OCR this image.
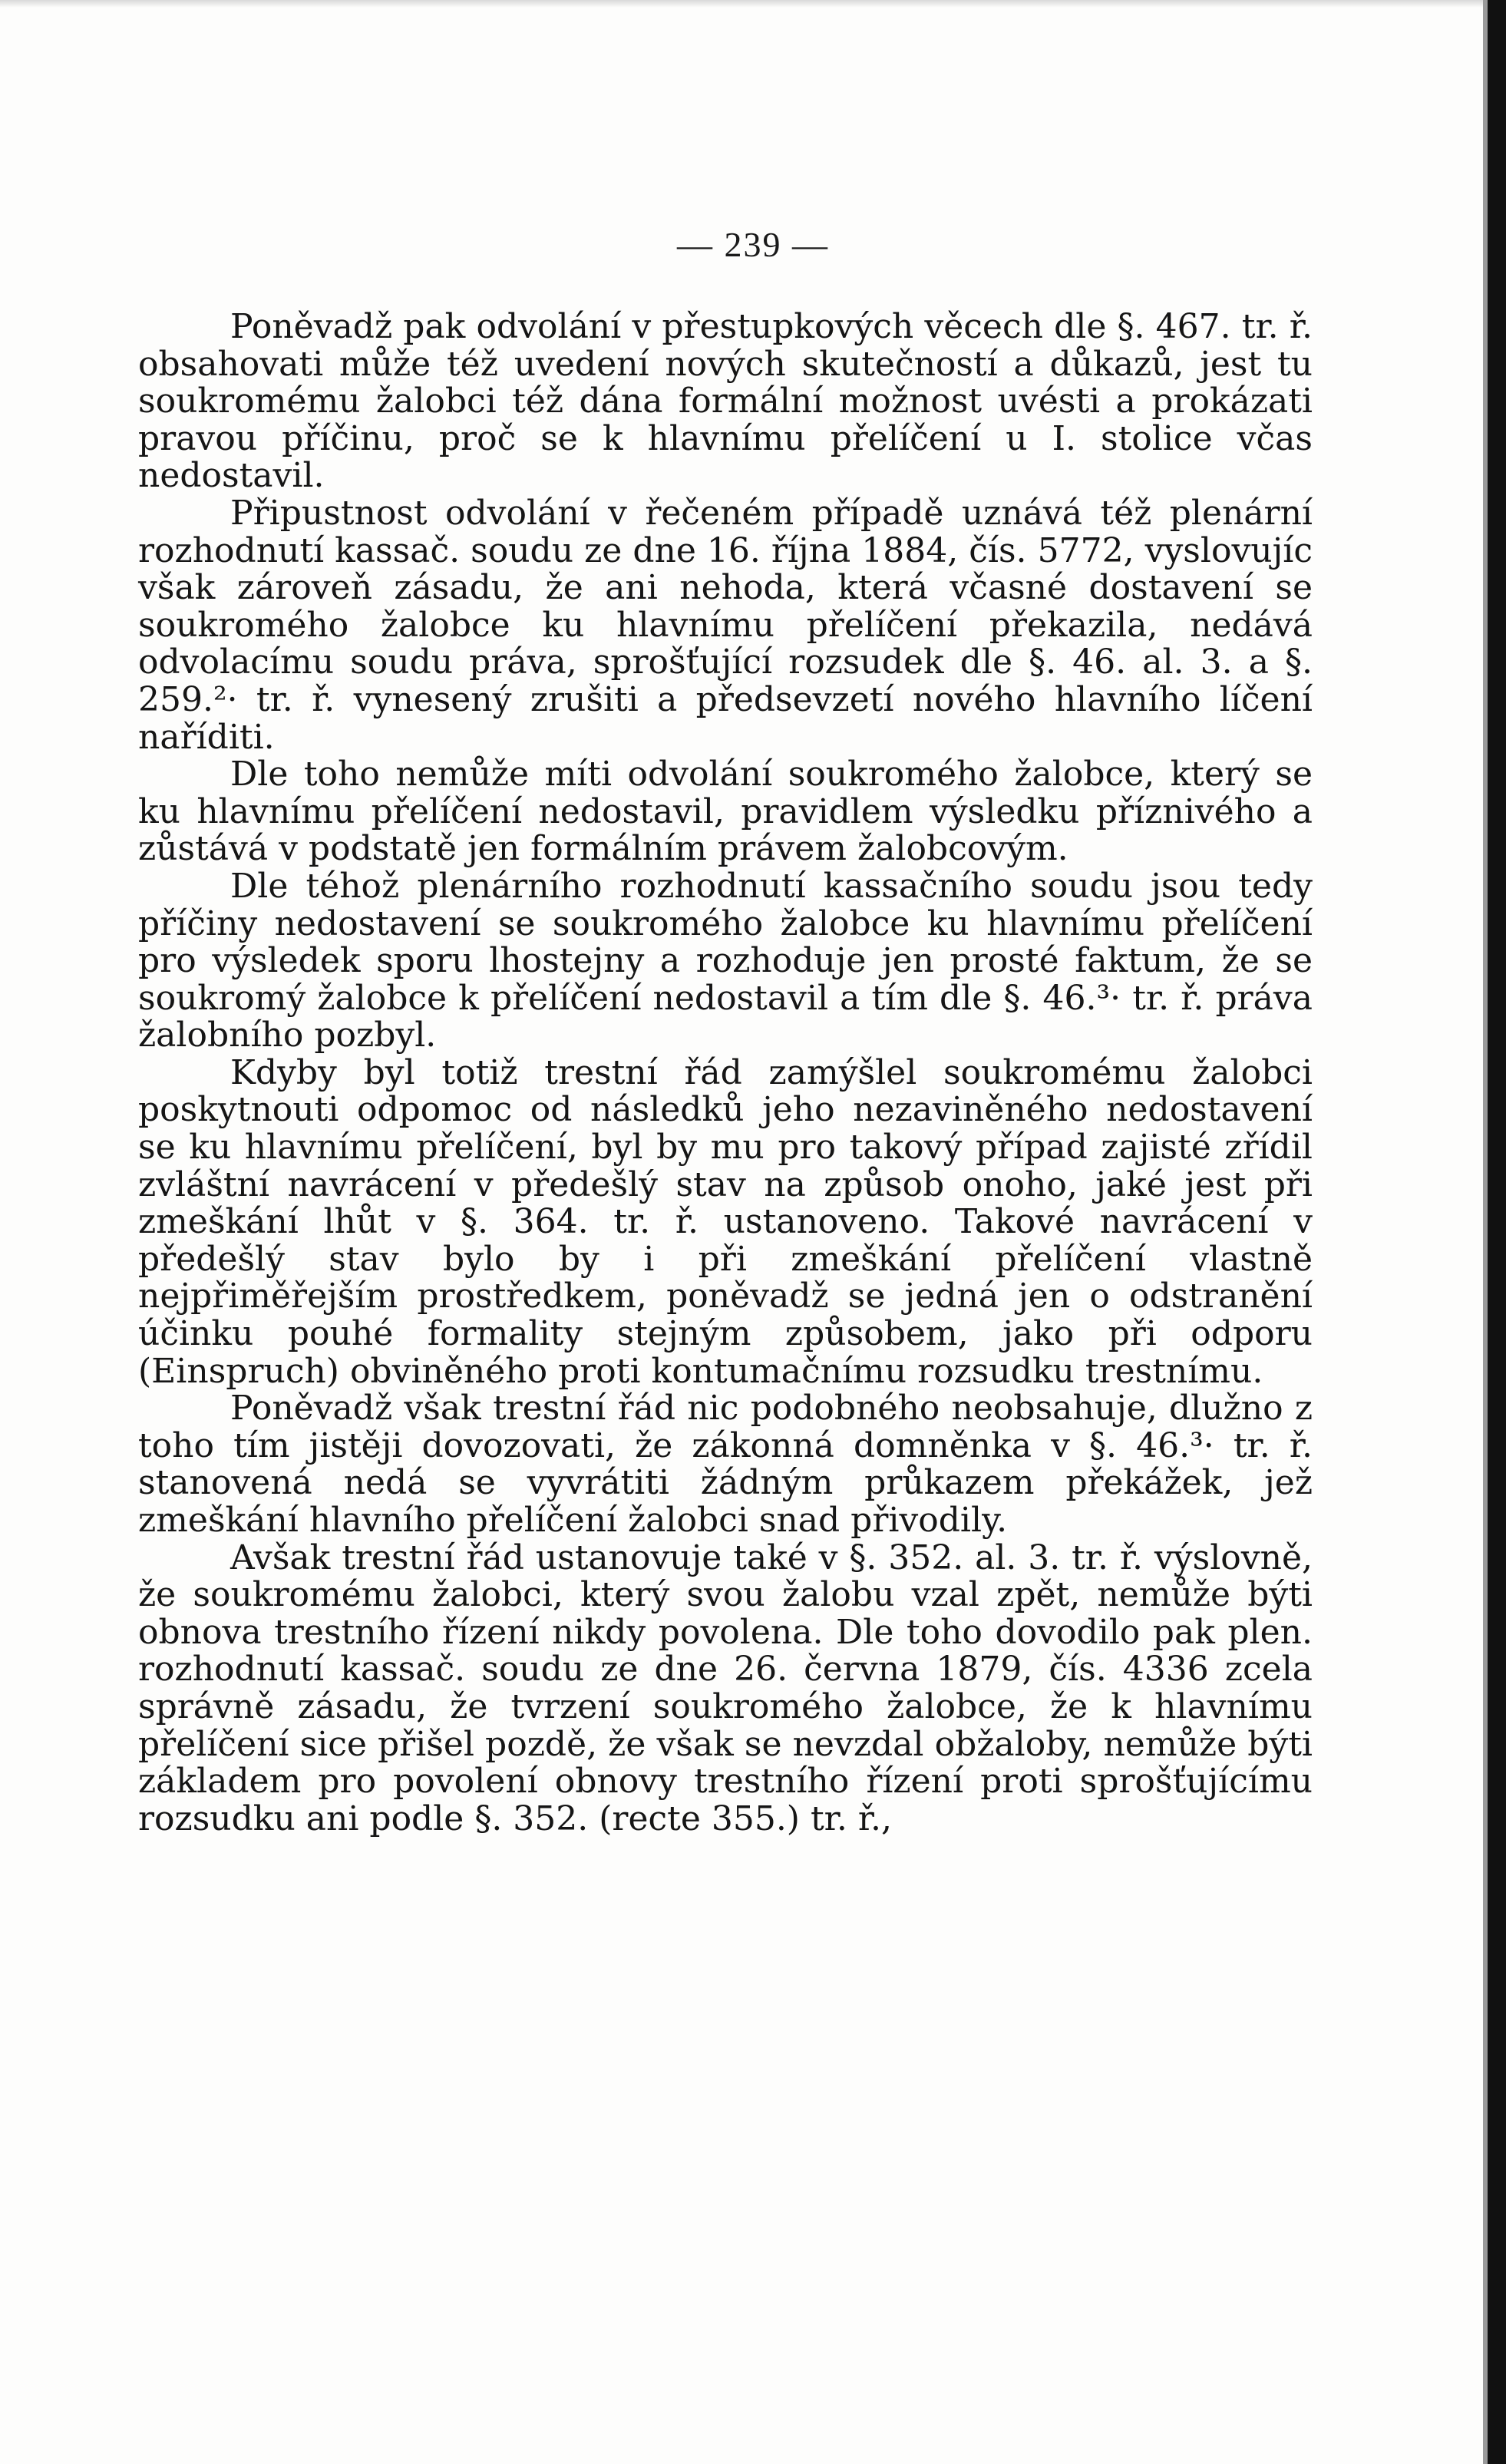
— 239 —

Poněvadž pak odvolání v přestupkových věcech dle §. 467. tr. ř. obsahovati může též uvedení nových skutečností a důkazů, jest tu soukromému žalobci též dána formální možnost uvésti a prokázati pravou příčinu, proč se k hlavnímu přelíčení u I. stolice včas nedostavil.

Připustnost odvolání v řečeném případě uznává též plenární rozhodnutí kassač. soudu ze dne 16. října 1884, čís. 5772, vyslovujíc však zároveň zásadu, že ani nehoda, která včasné dostavení se soukromého žalobce ku hlavnímu přelíčení překazila, nedává odvolacímu soudu práva, sprošťující rozsudek dle §. 46. al. 3. a §. 259.²· tr. ř. vynesený zrušiti a předsevzetí nového hlavního líčení naříditi.

Dle toho nemůže míti odvolání soukromého žalobce, který se ku hlavnímu přelíčení nedostavil, pravidlem výsledku příznivého a zůstává v podstatě jen formálním právem žalobcovým.

Dle téhož plenárního rozhodnutí kassačního soudu jsou tedy příčiny nedostavení se soukromého žalobce ku hlavnímu přelíčení pro výsledek sporu lhostejny a rozhoduje jen prosté faktum, že se soukromý žalobce k přelíčení nedostavil a tím dle §. 46.³· tr. ř. práva žalobního pozbyl.

Kdyby byl totiž trestní řád zamýšlel soukromému žalobci poskytnouti odpomoc od následků jeho nezaviněného nedostavení se ku hlavnímu přelíčení, byl by mu pro takový případ zajisté zřídil zvláštní navrácení v předešlý stav na způsob onoho, jaké jest při zmeškání lhůt v §. 364. tr. ř. ustanoveno. Takové navrácení v předešlý stav bylo by i při zmeškání přelíčení vlastně nejpřiměřejším prostředkem, poněvadž se jedná jen o odstranění účinku pouhé formality stejným způsobem, jako při odporu (Einspruch) obviněného proti kontumačnímu rozsudku trestnímu.

Poněvadž však trestní řád nic podobného neobsahuje, dlužno z toho tím jistěji dovozovati, že zákonná domněnka v §. 46.³· tr. ř. stanovená nedá se vyvrátiti žádným průkazem překážek, jež zmeškání hlavního přelíčení žalobci snad přivodily.

Avšak trestní řád ustanovuje také v §. 352. al. 3. tr. ř. výslovně, že soukromému žalobci, který svou žalobu vzal zpět, nemůže býti obnova trestního řízení nikdy povolena. Dle toho dovodilo pak plen. rozhodnutí kassač. soudu ze dne 26. června 1879, čís. 4336 zcela správně zásadu, že tvrzení soukromého žalobce, že k hlavnímu přelíčení sice přišel pozdě, že však se nevzdal obžaloby, nemůže býti základem pro povolení obnovy trestního řízení proti sprošťujícímu rozsudku ani podle §. 352. (recte 355.) tr. ř.,
